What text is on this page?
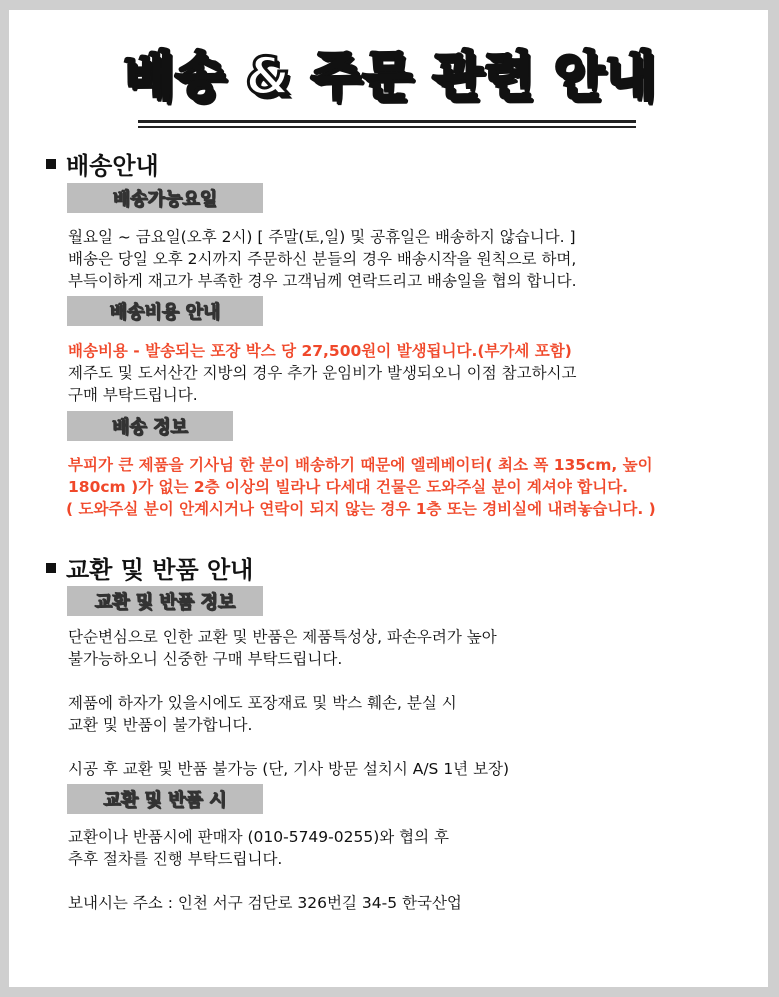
배송 & 주문 관련 안내
배송안내
배송가능요일

월요일 ~ 금요일(오후 2시) [ 주말(토,일) 및 공휴일은 배송하지 않습니다. ]

배송은 당일 오후 2시까지 주문하신 분들의 경우 배송시작을 원칙으로 하며,

부득이하게 재고가 부족한 경우 고객님께 연락드리고 배송일을 협의 합니다.

배송비용 안내

배송비용 - 발송되는 포장 박스 당 27,500원이 발생됩니다.(부가세 포함)

제주도 및 도서산간 지방의 경우 추가 운임비가 발생되오니 이점 참고하시고

구매 부탁드립니다.

배송 정보

부피가 큰 제품을 기사님 한 분이 배송하기 때문에 엘레베이터( 최소 폭 135cm, 높이

180cm )가 없는 2층 이상의 빌라나 다세대 건물은 도와주실 분이 계셔야 합니다.

( 도와주실 분이 안계시거나 연락이 되지 않는 경우 1층 또는 경비실에 내려놓습니다. )

교환 및 반품 안내
교환 및 반품 정보

단순변심으로 인한 교환 및 반품은 제품특성상, 파손우려가 높아

불가능하오니 신중한 구매 부탁드립니다.

제품에 하자가 있을시에도 포장재료 및 박스 훼손, 분실 시

교환 및 반품이 불가합니다.

시공 후 교환 및 반품 불가능 (단, 기사 방문 설치시 A/S 1년 보장)

교환 및 반품 시

교환이나 반품시에 판매자 (010-5749-0255)와 협의 후

추후 절차를 진행 부탁드립니다.

보내시는 주소 : 인천 서구 검단로 326번길 34-5 한국산업
